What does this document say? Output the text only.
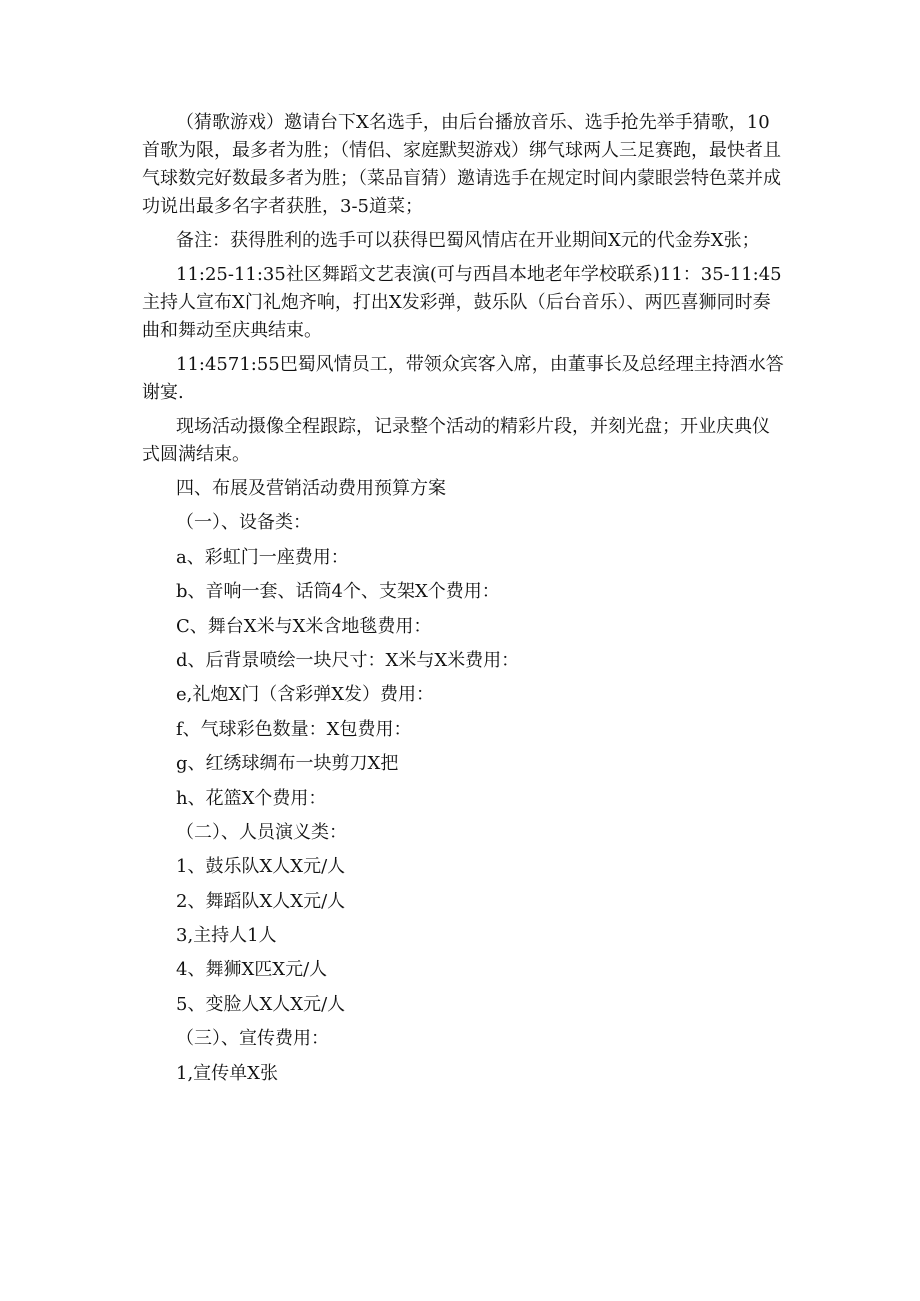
（猜歌游戏）邀请台下X名选手，由后台播放音乐、选手抢先举手猜歌，10首歌为限，最多者为胜；（情侣、家庭默契游戏）绑气球两人三足赛跑，最快者且气球数完好数最多者为胜；（菜品盲猜）邀请选手在规定时间内蒙眼尝特色菜并成功说出最多名字者获胜，3-5道菜；

备注：获得胜利的选手可以获得巴蜀风情店在开业期间X元的代金券X张；

11:25-11:35社区舞蹈文艺表演(可与西昌本地老年学校联系)11：35-11:45主持人宣布X门礼炮齐响，打出X发彩弹，鼓乐队（后台音乐）、两匹喜狮同时奏曲和舞动至庆典结束。

11:4571:55巴蜀风情员工，带领众宾客入席，由董事长及总经理主持酒水答谢宴.

现场活动摄像全程跟踪，记录整个活动的精彩片段，并刻光盘；开业庆典仪式圆满结束。

四、布展及营销活动费用预算方案
（一）、设备类：
a、彩虹门一座费用：
b、音响一套、话筒4个、支架X个费用：
C、舞台X米与X米含地毯费用：
d、后背景喷绘一块尺寸：X米与X米费用：
e,礼炮X门（含彩弹X发）费用：
f、气球彩色数量：X包费用：
g、红绣球绸布一块剪刀X把
h、花篮X个费用：
（二）、人员演义类：
1、鼓乐队X人X元/人
2、舞蹈队X人X元/人
3,主持人1人
4、舞狮X匹X元/人
5、变脸人X人X元/人
（三）、宣传费用：
1,宣传单X张
